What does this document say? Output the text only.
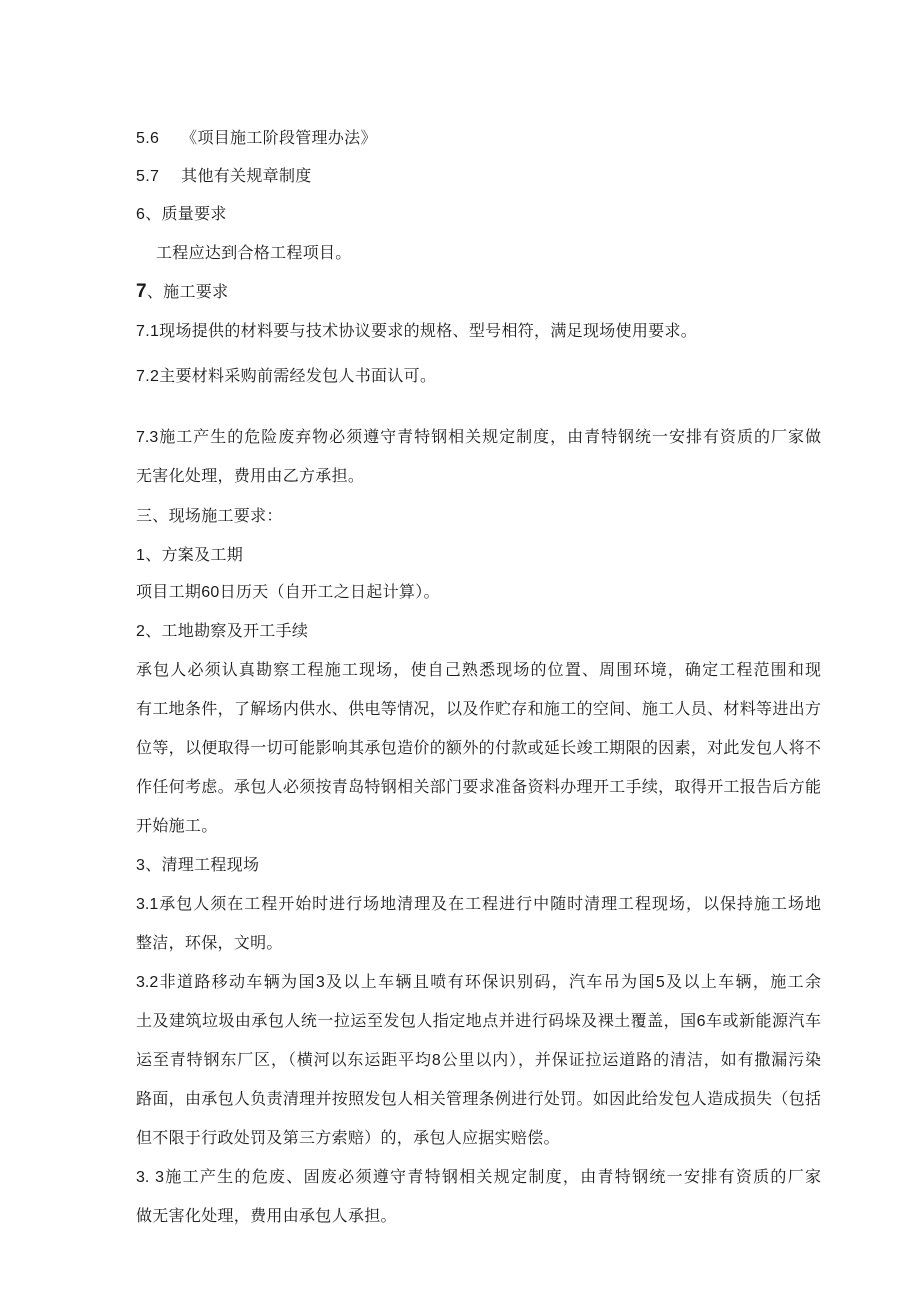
5.6 《项目施工阶段管理办法》
5.7 其他有关规章制度
6、质量要求
工程应达到合格工程项目。
7、施工要求
7.1现场提供的材料要与技术协议要求的规格、型号相符，满足现场使用要求。
7.2主要材料采购前需经发包人书面认可。
7.3施工产生的危险废弃物必须遵守青特钢相关规定制度，由青特钢统一安排有资质的厂家做
无害化处理，费用由乙方承担。
三、现场施工要求：
1、方案及工期
项目工期60日历天（自开工之日起计算）。
2、工地勘察及开工手续
承包人必须认真勘察工程施工现场，使自己熟悉现场的位置、周围环境，确定工程范围和现
有工地条件，了解场内供水、供电等情况，以及作贮存和施工的空间、施工人员、材料等进出方
位等，以便取得一切可能影响其承包造价的额外的付款或延长竣工期限的因素，对此发包人将不
作任何考虑。承包人必须按青岛特钢相关部门要求准备资料办理开工手续，取得开工报告后方能
开始施工。
3、清理工程现场
3.1承包人须在工程开始时进行场地清理及在工程进行中随时清理工程现场，以保持施工场地
整洁，环保，文明。
3.2非道路移动车辆为国3及以上车辆且喷有环保识别码，汽车吊为国5及以上车辆，施工余
土及建筑垃圾由承包人统一拉运至发包人指定地点并进行码垛及裸土覆盖，国6车或新能源汽车
运至青特钢东厂区，（横河以东运距平均8公里以内），并保证拉运道路的清洁，如有撒漏污染
路面，由承包人负责清理并按照发包人相关管理条例进行处罚。如因此给发包人造成损失（包括
但不限于行政处罚及第三方索赔）的，承包人应据实赔偿。
3. 3施工产生的危废、固废必须遵守青特钢相关规定制度，由青特钢统一安排有资质的厂家
做无害化处理，费用由承包人承担。
